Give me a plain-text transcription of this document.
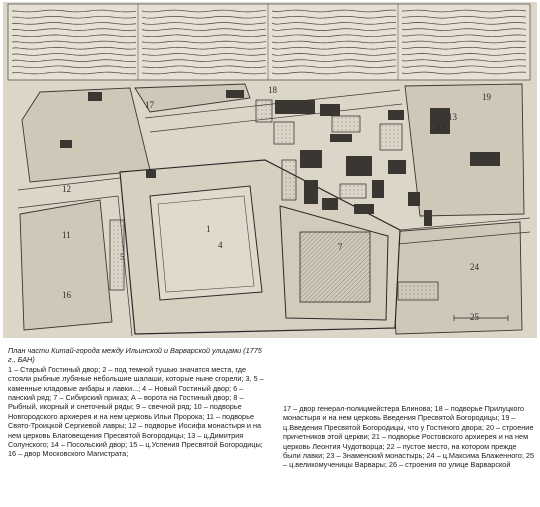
17
18
19
7
4
5
1
11
12
13
16
23
24
25
План части Китай-города между Ильинской и Варварской улицами (1775 г., БАН)
1 – Старый Гостиный двор; 2 – под темной тушью значатся места, где стояли рыбные лубяные небольшие шалаши, которые ныне сгорели; 3, 5 – каменные кладовые анбары и лавки...; 4 – Новый Гостиный двор; 6 – панский ряд; 7 – Сибирский приказ; А – ворота на Гостиный двор; 8 – Рыбный, икорный и снеточный ряды; 9 – свечной ряд; 10 – подворье Новгородского архиерея и на нем церковь Ильи Пророка; 11 – подворье Свято-Троицкой Сергиевой лавры; 12 – подворье Иосифа монастыря и на нем церковь Благовещения Пресвятой Богородицы; 13 – ц.Димитрия Солунского; 14 – Посольский двор; 15 – ц.Успения Пресвятой Богородицы; 16 – двор Московского Магистрата;
17 – двор генерал-полицмейстера Блинова; 18 – подворье Прилуцкого монастыря и на нем церковь Введения Пресвятой Богородицы; 19 – ц.Введения Пресвятой Богородицы, что у Гостиного двора; 20 – строение причетников этой церкви; 21 – подворье Ростовского архиерея и на нем церковь Леонтия Чудотворца; 22 – пустое место, на котором прежде были лавки; 23 – Знаменский монастырь; 24 – ц.Максима Блаженного; 25 – ц.великомученицы Варвары; 26 – строения по улице Варварской
